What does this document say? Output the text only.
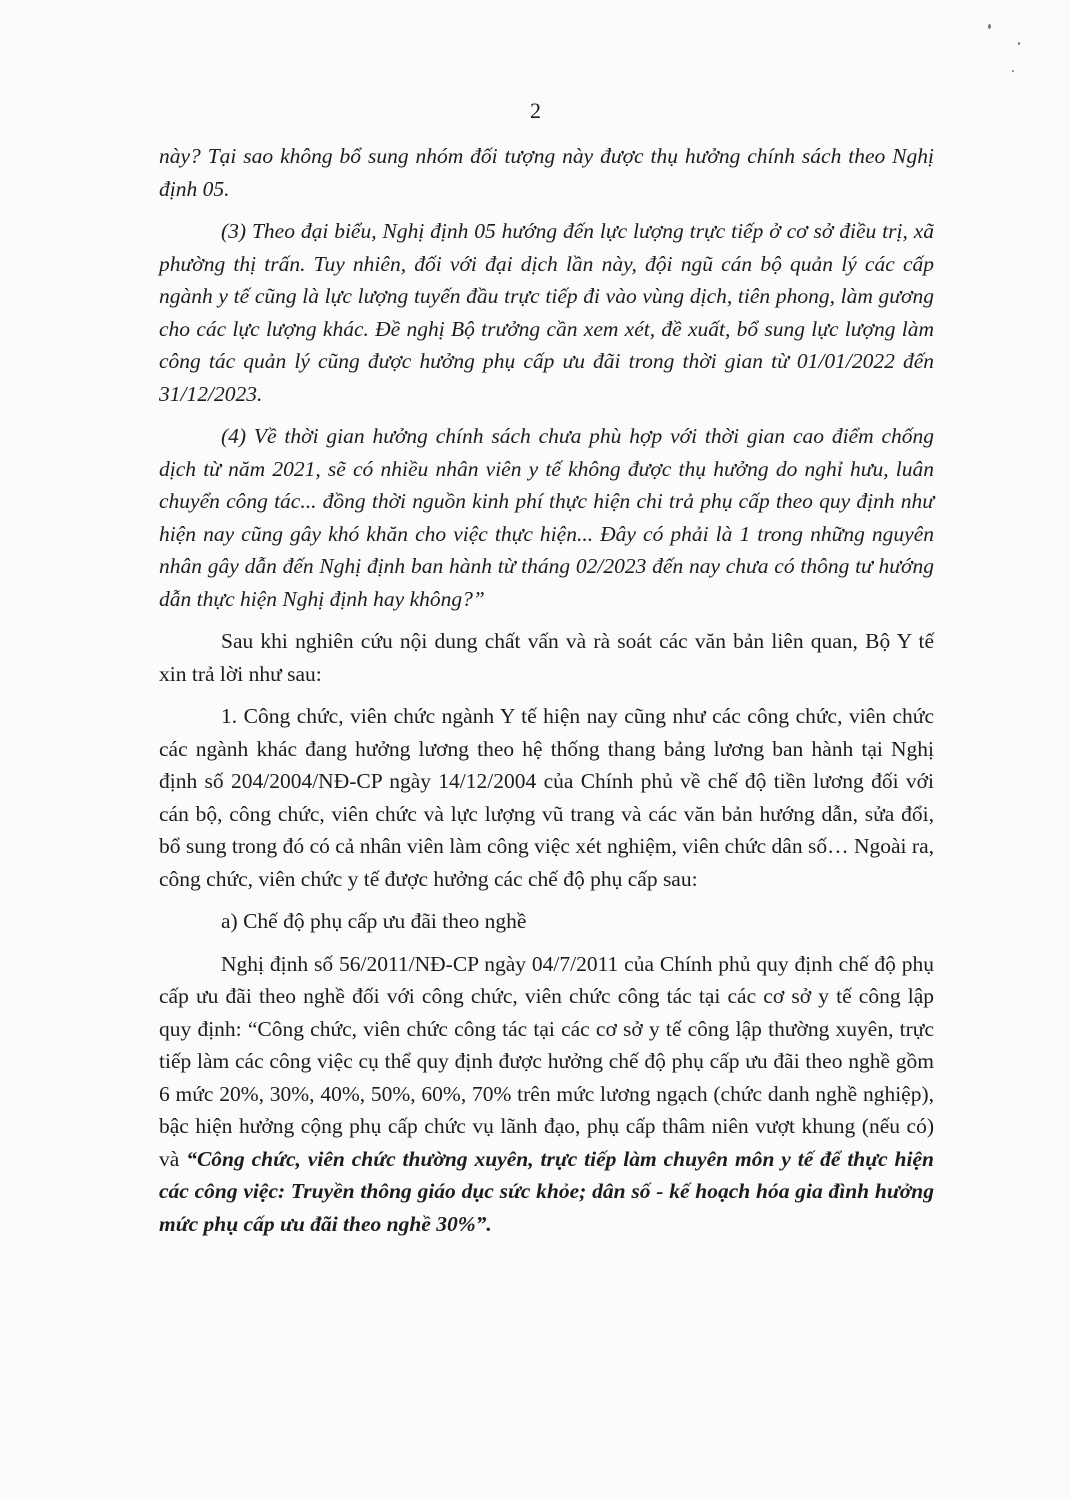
2

này? Tại sao không bổ sung nhóm đối tượng này được thụ hưởng chính sách theo Nghị định 05.

(3) Theo đại biểu, Nghị định 05 hướng đến lực lượng trực tiếp ở cơ sở điều trị, xã phường thị trấn. Tuy nhiên, đối với đại dịch lần này, đội ngũ cán bộ quản lý các cấp ngành y tế cũng là lực lượng tuyến đầu trực tiếp đi vào vùng dịch, tiên phong, làm gương cho các lực lượng khác. Đề nghị Bộ trưởng cần xem xét, đề xuất, bổ sung lực lượng làm công tác quản lý cũng được hưởng phụ cấp ưu đãi trong thời gian từ 01/01/2022 đến 31/12/2023.

(4) Về thời gian hưởng chính sách chưa phù hợp với thời gian cao điểm chống dịch từ năm 2021, sẽ có nhiều nhân viên y tế không được thụ hưởng do nghỉ hưu, luân chuyển công tác... đồng thời nguồn kinh phí thực hiện chi trả phụ cấp theo quy định như hiện nay cũng gây khó khăn cho việc thực hiện... Đây có phải là 1 trong những nguyên nhân gây dẫn đến Nghị định ban hành từ tháng 02/2023 đến nay chưa có thông tư hướng dẫn thực hiện Nghị định hay không?”

Sau khi nghiên cứu nội dung chất vấn và rà soát các văn bản liên quan, Bộ Y tế xin trả lời như sau:

1. Công chức, viên chức ngành Y tế hiện nay cũng như các công chức, viên chức các ngành khác đang hưởng lương theo hệ thống thang bảng lương ban hành tại Nghị định số 204/2004/NĐ-CP ngày 14/12/2004 của Chính phủ về chế độ tiền lương đối với cán bộ, công chức, viên chức và lực lượng vũ trang và các văn bản hướng dẫn, sửa đổi, bổ sung trong đó có cả nhân viên làm công việc xét nghiệm, viên chức dân số… Ngoài ra, công chức, viên chức y tế được hưởng các chế độ phụ cấp sau:

a) Chế độ phụ cấp ưu đãi theo nghề

Nghị định số 56/2011/NĐ-CP ngày 04/7/2011 của Chính phủ quy định chế độ phụ cấp ưu đãi theo nghề đối với công chức, viên chức công tác tại các cơ sở y tế công lập quy định: “Công chức, viên chức công tác tại các cơ sở y tế công lập thường xuyên, trực tiếp làm các công việc cụ thể quy định được hưởng chế độ phụ cấp ưu đãi theo nghề gồm 6 mức 20%, 30%, 40%, 50%, 60%, 70% trên mức lương ngạch (chức danh nghề nghiệp), bậc hiện hưởng cộng phụ cấp chức vụ lãnh đạo, phụ cấp thâm niên vượt khung (nếu có) và “Công chức, viên chức thường xuyên, trực tiếp làm chuyên môn y tế để thực hiện các công việc: Truyền thông giáo dục sức khỏe; dân số - kế hoạch hóa gia đình hưởng mức phụ cấp ưu đãi theo nghề 30%”.
